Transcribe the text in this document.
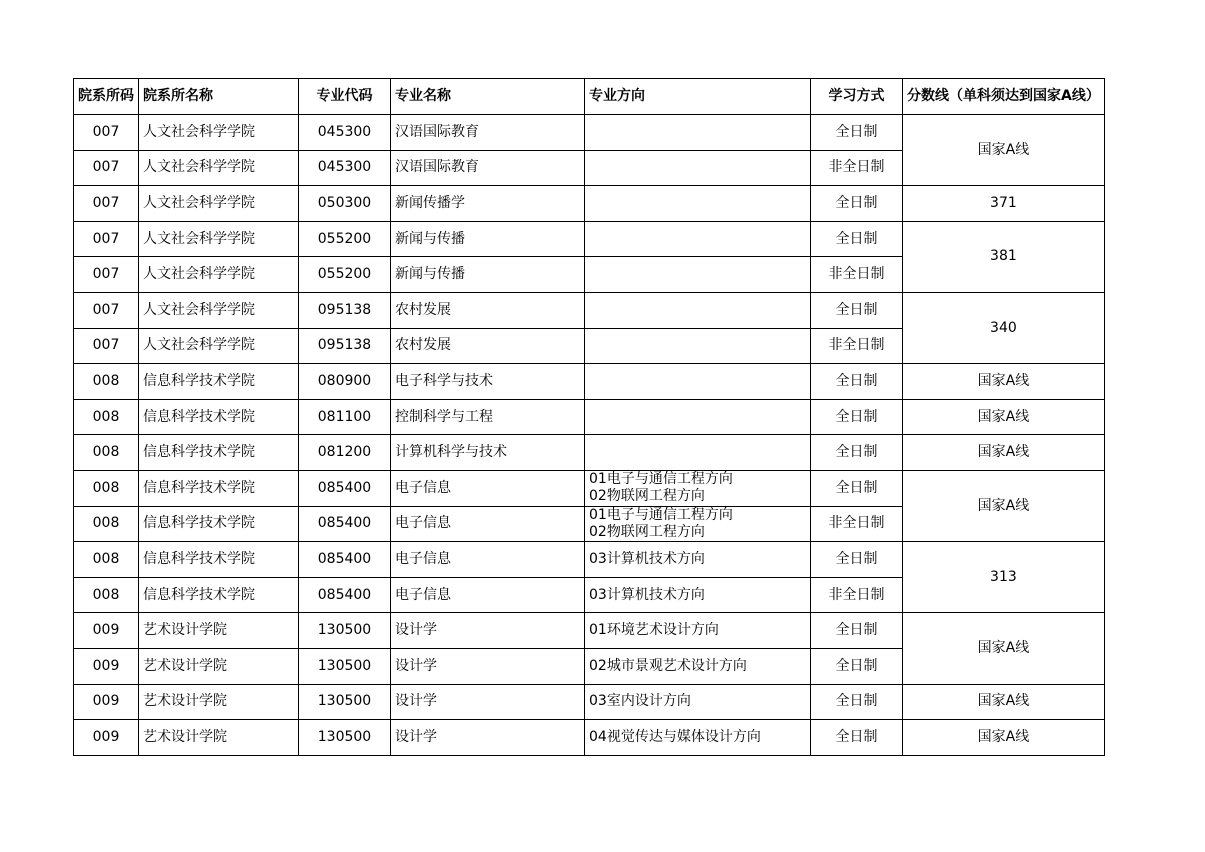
院系所码	院系所名称	专业代码	专业名称	专业方向	学习方式	分数线（单科须达到国家A线）
007	人文社会科学学院	045300	汉语国际教育		全日制	国家A线
007	人文社会科学学院	045300	汉语国际教育		非全日制	
007	人文社会科学学院	050300	新闻传播学		全日制	371
007	人文社会科学学院	055200	新闻与传播		全日制	381
007	人文社会科学学院	055200	新闻与传播		非全日制	
007	人文社会科学学院	095138	农村发展		全日制	340
007	人文社会科学学院	095138	农村发展		非全日制	
008	信息科学技术学院	080900	电子科学与技术		全日制	国家A线
008	信息科学技术学院	081100	控制科学与工程		全日制	国家A线
008	信息科学技术学院	081200	计算机科学与技术		全日制	国家A线
008	信息科学技术学院	085400	电子信息	01电子与通信工程方向
02物联网工程方向	全日制	国家A线
008	信息科学技术学院	085400	电子信息	01电子与通信工程方向
02物联网工程方向	非全日制	
008	信息科学技术学院	085400	电子信息	03计算机技术方向	全日制	313
008	信息科学技术学院	085400	电子信息	03计算机技术方向	非全日制	
009	艺术设计学院	130500	设计学	01环境艺术设计方向	全日制	国家A线
009	艺术设计学院	130500	设计学	02城市景观艺术设计方向	全日制	
009	艺术设计学院	130500	设计学	03室内设计方向	全日制	国家A线
009	艺术设计学院	130500	设计学	04视觉传达与媒体设计方向	全日制	国家A线
